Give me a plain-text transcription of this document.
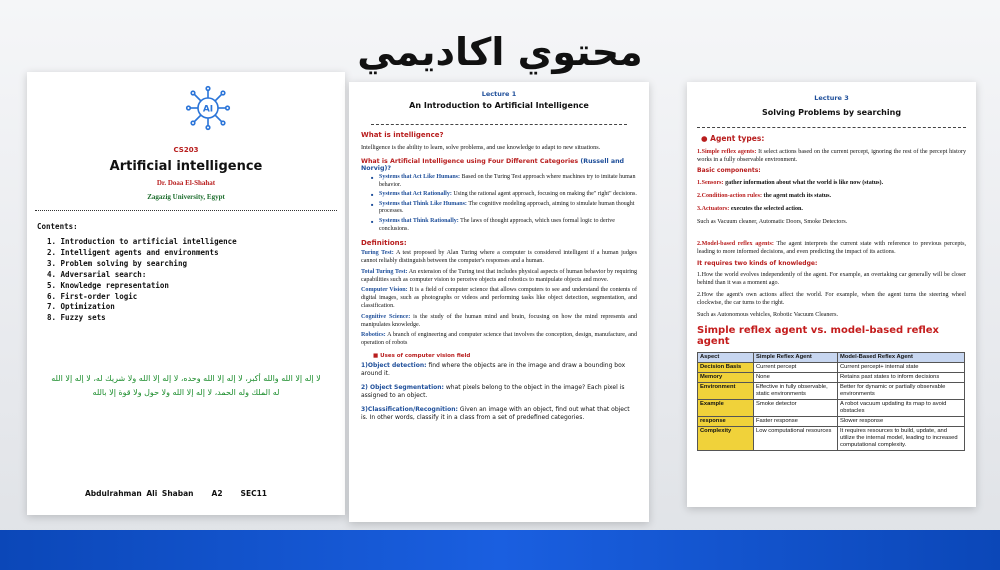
محتوي اكاديمي
AI
CS203
Artificial intelligence
Dr. Doaa El-Shahat
Zagazig University, Egypt
Contents:
1. Introduction to artificial intelligence
2. Intelligent agents and environments
3. Problem solving by searching
4. Adversarial search:
5. Knowledge representation
6. First-order logic
7. Optimization
8. Fuzzy sets
لا إله إلا الله والله أكبر، لا إله إلا الله وحده، لا إله إلا الله ولا شريك له، لا إله إلا الله
له الملك وله الحمد، لا إله إلا الله ولا حول ولا قوة إلا بالله
Abdulrahman Ali Shaban A2 SEC11
Lecture 1
An Introduction to Artificial Intelligence
What is intelligence?
Intelligence is the ability to learn, solve problems, and use knowledge to adapt to new situations.
What is Artificial Intelligence using Four Different Categories (Russell and Norvig)?
■ Systems that Act Like Humans: Based on the Turing Test approach where machines try to imitate human behavior.
■ Systems that Act Rationally: Using the rational agent approach, focusing on making the" right" decisions.
■ Systems that Think Like Humans: The cognitive modeling approach, aiming to simulate human thought processes.
■ Systems that Think Rationally: The laws of thought approach, which uses formal logic to derive conclusions.
Definitions:
Turing Test: A test proposed by Alan Turing where a computer is considered intelligent if a human judges cannot reliably distinguish between the computer's responses and a human.
Total Turing Test: An extension of the Turing test that includes physical aspects of human behavior by requiring capabilities such as computer vision to perceive objects and robotics to manipulate objects and move.
Computer Vision: It is a field of computer science that allows computers to see and understand the contents of digital images, such as photographs or videos and performing tasks like object detection, segmentation, and classification.
Cognitive Science: is the study of the human mind and brain, focusing on how the mind represents and manipulates knowledge.
Robotics: A branch of engineering and computer science that involves the conception, design, manufacture, and operation of robots
■ Uses of computer vision field
1)Object detection: find where the objects are in the image and draw a bounding box around it.
2) Object Segmentation: what pixels belong to the object in the image? Each pixel is assigned to an object.
3)Classification/Recognition: Given an image with an object, find out what that object is. In other words, classify it in a class from a set of predefined categories.
Lecture 3
Solving Problems by searching
● Agent types:
1.Simple reflex agents: It select actions based on the current percept, ignoring the rest of the percept history works in a fully observable environment.
Basic components:
1.Sensors: gather information about what the world is like now (status).
2.Condition-action rules: the agent match its status.
3.Actuators: executes the selected action.
Such as Vacuum cleaner, Automatic Doors, Smoke Detectors.
2.Model-based reflex agents: The agent interprets the current state with reference to previous percepts, leading to more informed decisions, and even predicting the impact of its actions.
It requires two kinds of knowledge:
1.How the world evolves independently of the agent. For example, an overtaking car generally will be closer behind than it was a moment ago.
2.How the agent's own actions affect the world. For example, when the agent turns the steering wheel clockwise, the car turns to the right.
Such as Autonomous vehicles, Robotic Vacuum Cleaners.
Simple reflex agent vs. model-based reflex agent
Aspect	Simple Reflex Agent	Model-Based Reflex Agent
Decision Basis	Current percept	Current percept+ internal state
Memory	None	Retains past states to inform decisions
Environment	Effective in fully observable, static environments	Better for dynamic or partially observable environments
Example	Smoke detector	A robot vacuum updating its map to avoid obstacles
response	Faster response	Slower response
Complexity	Low computational resources	It requires resources to build, update, and utilize the internal model, leading to increased computational complexity.
